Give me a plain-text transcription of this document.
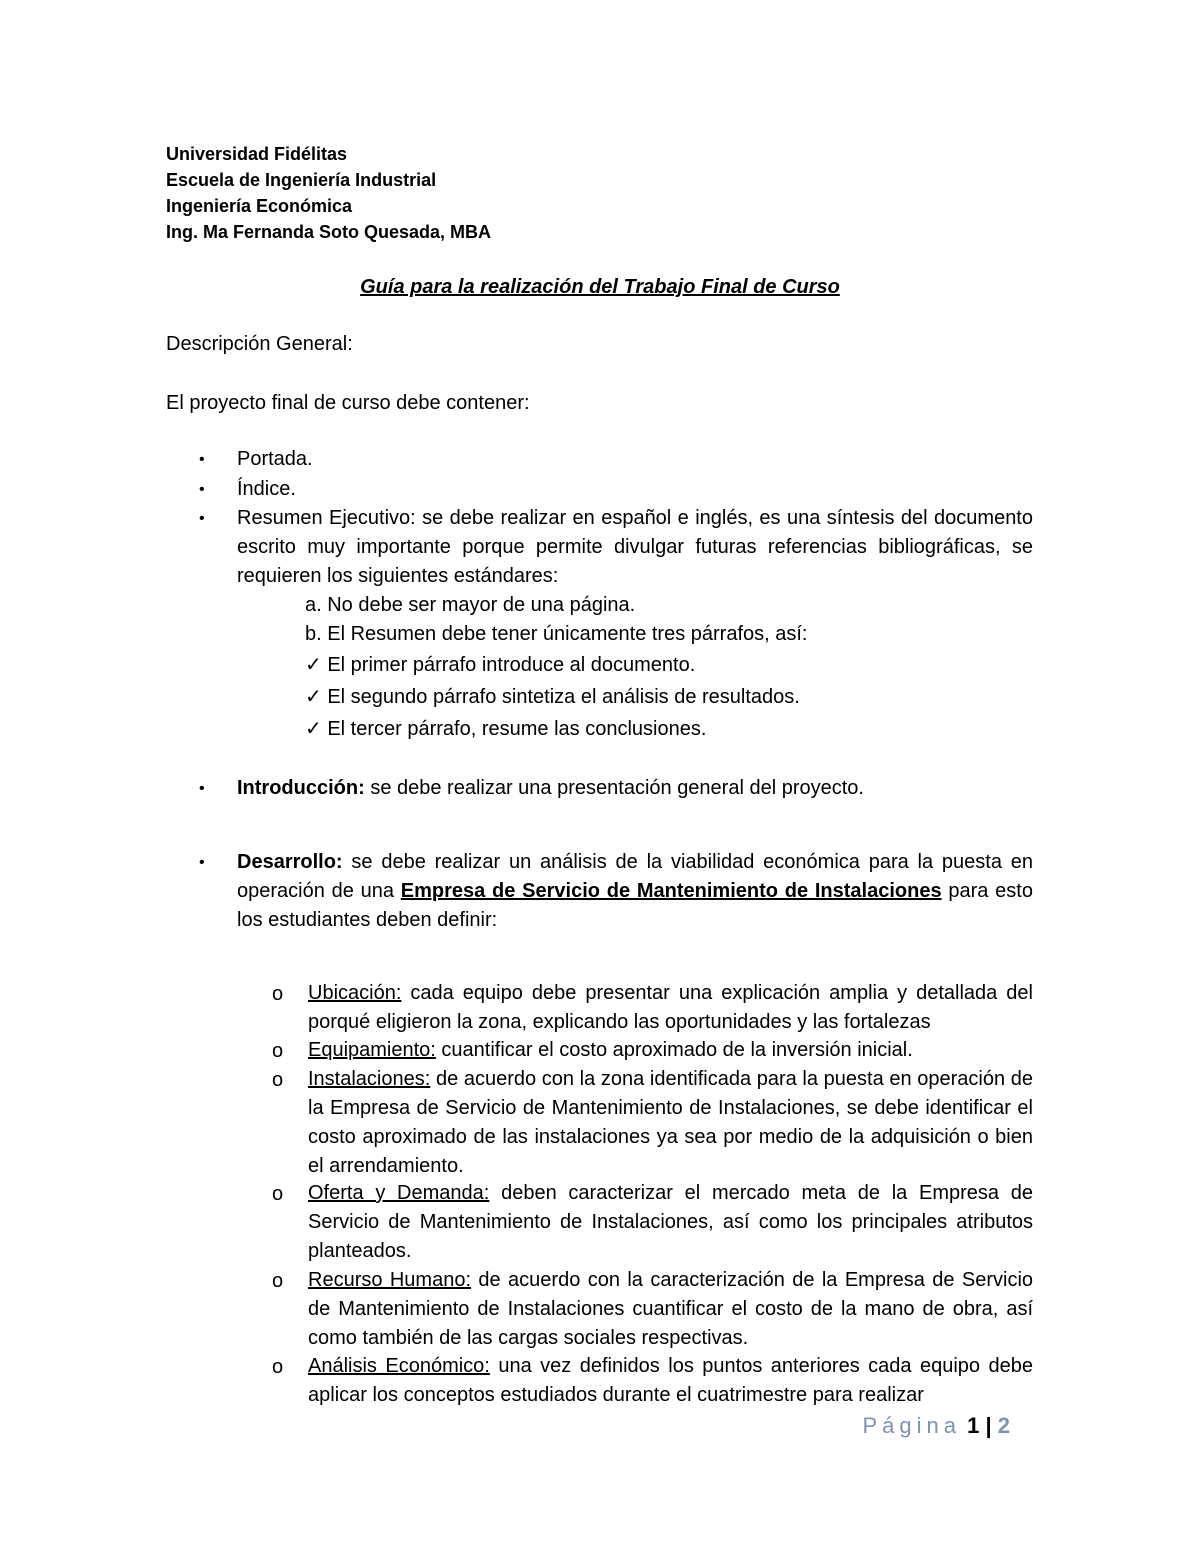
Universidad Fidélitas
Escuela de Ingeniería Industrial
Ingeniería Económica
Ing. Ma Fernanda Soto Quesada, MBA
Guía para la realización del Trabajo Final de Curso
Descripción General:
El proyecto final de curso debe contener:
• Portada.
• Índice.
• Resumen Ejecutivo: se debe realizar en español e inglés, es una síntesis del documento escrito muy importante porque permite divulgar futuras referencias bibliográficas, se requieren los siguientes estándares:
a. No debe ser mayor de una página.
b. El Resumen debe tener únicamente tres párrafos, así:
✓ El primer párrafo introduce al documento.
✓ El segundo párrafo sintetiza el análisis de resultados.
✓ El tercer párrafo, resume las conclusiones.
• Introducción: se debe realizar una presentación general del proyecto.
• Desarrollo: se debe realizar un análisis de la viabilidad económica para la puesta en operación de una Empresa de Servicio de Mantenimiento de Instalaciones para esto los estudiantes deben definir:
o Ubicación: cada equipo debe presentar una explicación amplia y detallada del porqué eligieron la zona, explicando las oportunidades y las fortalezas
o Equipamiento: cuantificar el costo aproximado de la inversión inicial.
o Instalaciones: de acuerdo con la zona identificada para la puesta en operación de la Empresa de Servicio de Mantenimiento de Instalaciones, se debe identificar el costo aproximado de las instalaciones ya sea por medio de la adquisición o bien el arrendamiento.
o Oferta y Demanda: deben caracterizar el mercado meta de la Empresa de Servicio de Mantenimiento de Instalaciones, así como los principales atributos planteados.
o Recurso Humano: de acuerdo con la caracterización de la Empresa de Servicio de Mantenimiento de Instalaciones cuantificar el costo de la mano de obra, así como también de las cargas sociales respectivas.
o Análisis Económico: una vez definidos los puntos anteriores cada equipo debe aplicar los conceptos estudiados durante el cuatrimestre para realizar
Página 1 | 2
